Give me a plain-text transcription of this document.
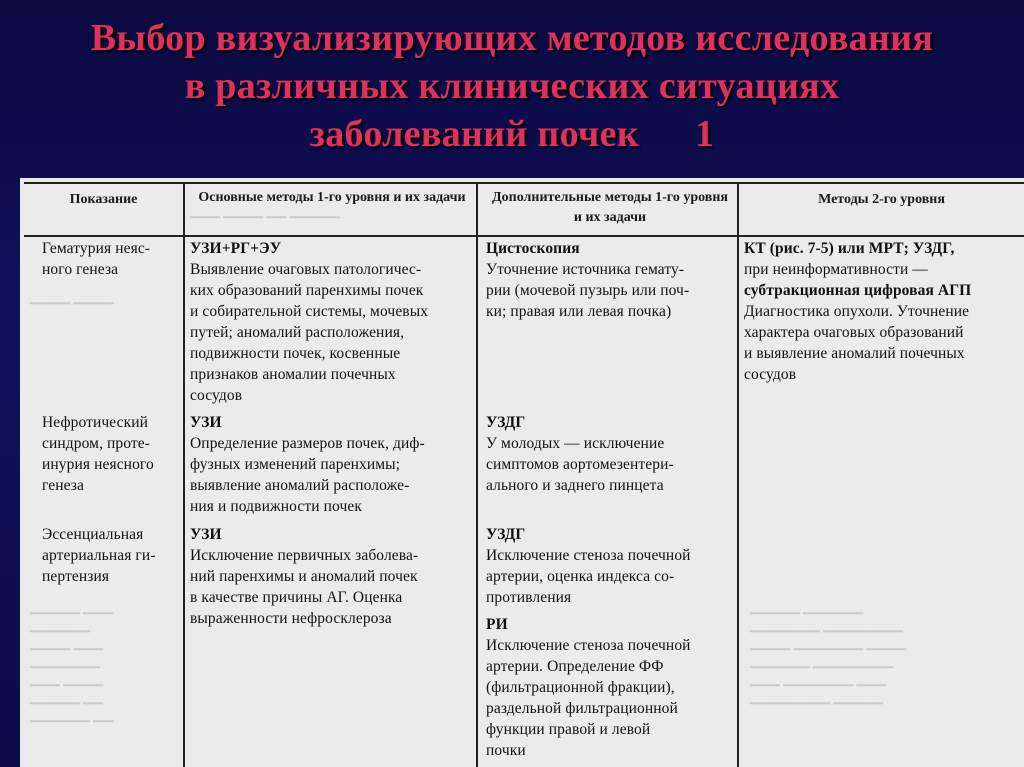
Выбор визуализирующих методов исследования
в различных клинических ситуациях
заболеваний почек 1
▁▁▁ ▁▁▁▁ ▁▁ ▁▁▁▁▁
▁▁▁▁ ▁▁▁▁
▁▁▁▁▁ ▁▁▁
▁▁▁▁▁▁
▁▁▁▁ ▁▁▁
▁▁▁▁▁▁▁
▁▁▁ ▁▁▁▁
▁▁▁▁▁ ▁▁
▁▁▁▁▁▁ ▁▁
▁▁▁▁▁ ▁▁▁▁▁▁
▁▁▁▁▁▁▁ ▁▁▁▁▁▁▁▁
▁▁▁▁ ▁▁▁▁▁▁▁ ▁▁▁▁
▁▁▁▁▁▁ ▁▁▁▁▁▁▁▁
▁▁▁ ▁▁▁▁▁▁▁ ▁▁▁
▁▁▁▁▁▁▁▁ ▁▁▁▁▁
Показание	Основные методы 1-го уровня и их задачи	Дополнительные методы 1-го уровня и их задачи
Методы 2-го уровня
Гематурия неяс-
ного генеза
УЗИ+РГ+ЭУ
Выявление очаговых патологичес-
ких образований паренхимы почек
и собирательной системы, мочевых
путей; аномалий расположения,
подвижности почек, косвенные
признаков аномалии почечных
сосудов
Цистоскопия
Уточнение источника гемату-
рии (мочевой пузырь или поч-
ки; правая или левая почка)
КТ (рис. 7-5) или МРТ; УЗДГ,
при неинформативности —
субтракционная цифровая АГП
Диагностика опухоли. Уточнение
характера очаговых образований
и выявление аномалий почечных
сосудов
Нефротический
синдром, проте-
инурия неясного
генеза
УЗИ
Определение размеров почек, диф-
фузных изменений паренхимы;
выявление аномалий расположе-
ния и подвижности почек
УЗДГ
У молодых — исключение
симптомов аортомезентери-
ального и заднего пинцета
Эссенциальная
артериальная ги-
пертензия
УЗИ
Исключение первичных заболева-
ний паренхимы и аномалий почек
в качестве причины АГ. Оценка
выраженности нефросклероза
УЗДГ
Исключение стеноза почечной
артерии, оценка индекса со-
противления
РИ
Исключение стеноза почечной
артерии. Определение ФФ
(фильтрационной фракции),
раздельной фильтрационной
функции правой и левой
почки
